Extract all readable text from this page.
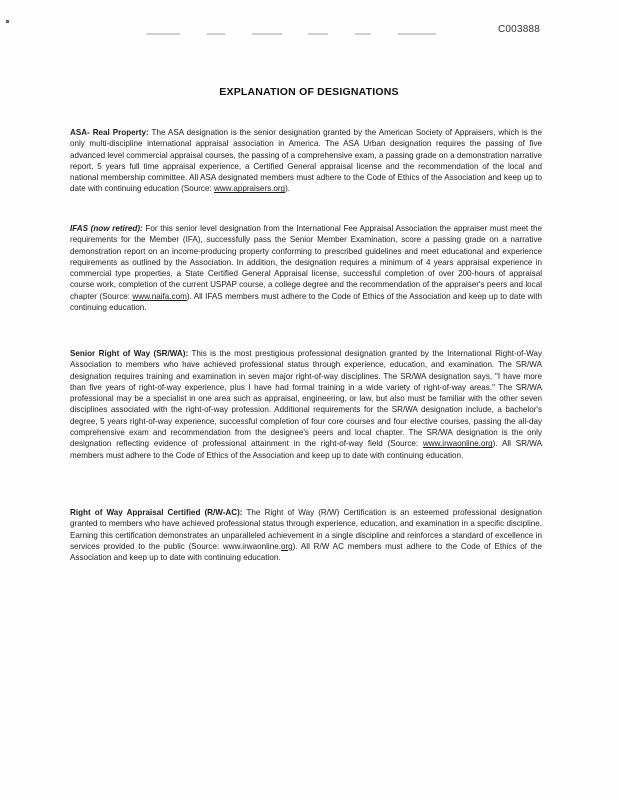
C003888
EXPLANATION OF DESIGNATIONS

ASA- Real Property: The ASA designation is the senior designation granted by the American Society of Appraisers, which is the only multi-discipline international appraisal association in America. The ASA Urban designation requires the passing of five advanced level commercial appraisal courses, the passing of a comprehensive exam, a passing grade on a demonstration narrative report, 5 years full time appraisal experience, a Certified General appraisal license and the recommendation of the local and national membership committee. All ASA designated members must adhere to the Code of Ethics of the Association and keep up to date with continuing education (Source: www.appraisers.org).

IFAS (now retired): For this senior level designation from the International Fee Appraisal Association the appraiser must meet the requirements for the Member (IFA), successfully pass the Senior Member Examination, score a passing grade on a narrative demonstration report on an income-producing property conforming to prescribed guidelines and meet educational and experience requirements as outlined by the Association. In addition, the designation requires a minimum of 4 years appraisal experience in commercial type properties, a State Certified General Appraisal license, successful completion of over 200-hours of appraisal course work, completion of the current USPAP course, a college degree and the recommendation of the appraiser's peers and local chapter (Source: www.naifa.com). All IFAS members must adhere to the Code of Ethics of the Association and keep up to date with continuing education.

Senior Right of Way (SR/WA): This is the most prestigious professional designation granted by the International Right-of-Way Association to members who have achieved professional status through experience, education, and examination. The SR/WA designation requires training and examination in seven major right-of-way disciplines. The SR/WA designation says, "I have more than five years of right-of-way experience, plus I have had formal training in a wide variety of right-of-way areas." The SR/WA professional may be a specialist in one area such as appraisal, engineering, or law, but also must be familiar with the other seven disciplines associated with the right-of-way profession. Additional requirements for the SR/WA designation include, a bachelor's degree, 5 years right-of-way experience, successful completion of four core courses and four elective courses, passing the all-day comprehensive exam and recommendation from the designee's peers and local chapter. The SR/WA designation is the only designation reflecting evidence of professional attainment in the right-of-way field (Source: www.irwaonline.org). All SR/WA members must adhere to the Code of Ethics of the Association and keep up to date with continuing education.

Right of Way Appraisal Certified (R/W-AC): The Right of Way (R/W) Certification is an esteemed professional designation granted to members who have achieved professional status through experience, education, and examination in a specific discipline. Earning this certification demonstrates an unparalleled achievement in a single discipline and reinforces a standard of excellence in services provided to the public (Source: www.irwaonline.org). All R/W AC members must adhere to the Code of Ethics of the Association and keep up to date with continuing education.
